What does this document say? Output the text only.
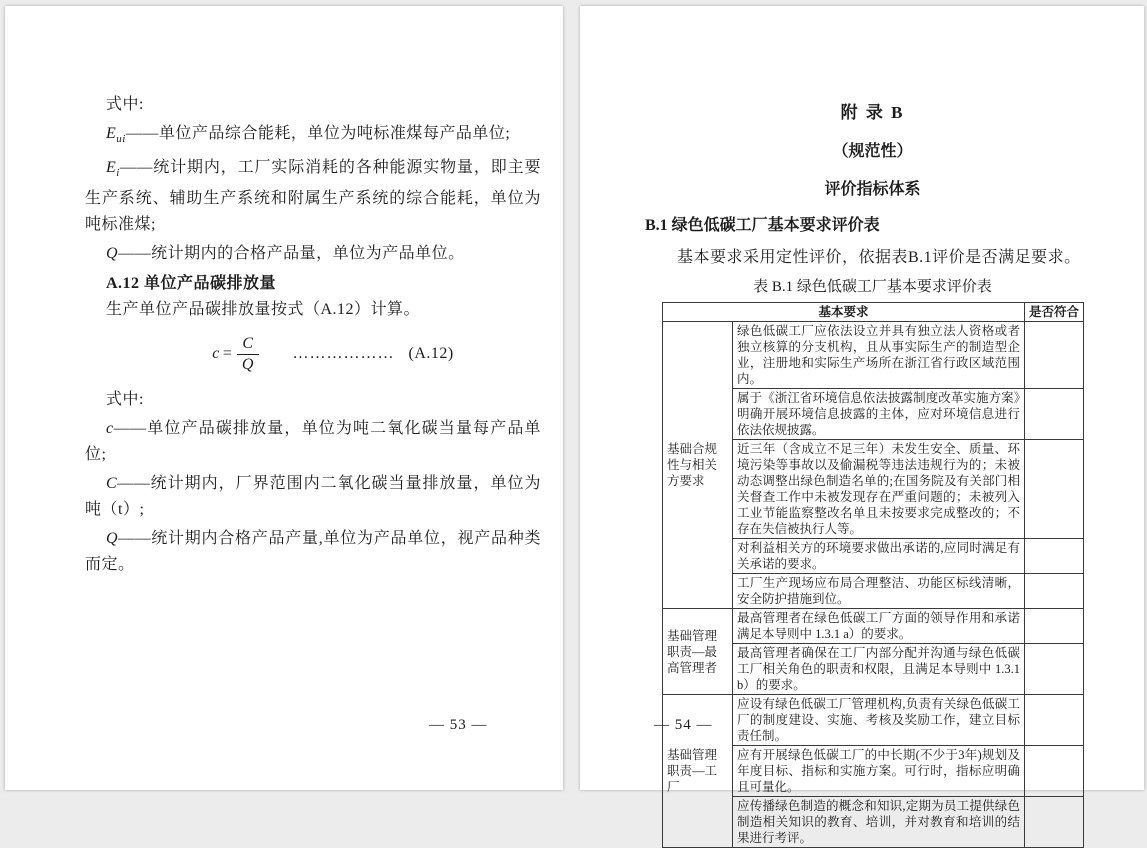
式中:

$E_{ui}——$单位产品综合能耗，单位为吨标准煤每产品单位;

$E_i——$统计期内，工厂实际消耗的各种能源实物量，即主要生产系统、辅助生产系统和附属生产系统的综合能耗，单位为吨标准煤;

Q——统计期内的合格产品量，单位为产品单位。

A.12 单位产品碳排放量

生产单位产品碳排放量按式（A.12）计算。

$c = \frac{C}{Q}$ ……………… (A.12)

式中:

c——单位产品碳排放量，单位为吨二氧化碳当量每产品单位;

C——统计期内，厂界范围内二氧化碳当量排放量，单位为吨（t）;

Q——统计期内合格产品产量,单位为产品单位，视产品种类而定。

— 53 —

附 录 B

（规范性）

评价指标体系

B.1 绿色低碳工厂基本要求评价表

基本要求采用定性评价，依据表B.1评价是否满足要求。

表 B.1 绿色低碳工厂基本要求评价表

基本要求		是否符合
基础合规性与相关方要求	绿色低碳工厂应依法设立并具有独立法人资格或者独立核算的分支机构，且从事实际生产的制造型企业，注册地和实际生产场所在浙江省行政区域范围内。	
	属于《浙江省环境信息依法披露制度改革实施方案》明确开展环境信息披露的主体，应对环境信息进行依法依规披露。	
	近三年（含成立不足三年）未发生安全、质量、环境污染等事故以及偷漏税等违法违规行为的；未被动态调整出绿色制造名单的;在国务院及有关部门相关督查工作中未被发现存在严重问题的；未被列入工业节能监察整改名单且未按要求完成整改的；不存在失信被执行人等。	
	对利益相关方的环境要求做出承诺的,应同时满足有关承诺的要求。	
	工厂生产现场应布局合理整洁、功能区标线清晰，安全防护措施到位。	
基础管理职责—最高管理者	最高管理者在绿色低碳工厂方面的领导作用和承诺满足本导则中 1.3.1 a）的要求。	
	最高管理者确保在工厂内部分配并沟通与绿色低碳工厂相关角色的职责和权限，且满足本导则中 1.3.1 b）的要求。	
基础管理职责—工厂	应设有绿色低碳工厂管理机构,负责有关绿色低碳工厂的制度建设、实施、考核及奖励工作，建立目标责任制。	
	应有开展绿色低碳工厂的中长期(不少于3年)规划及年度目标、指标和实施方案。可行时，指标应明确且可量化。	
	应传播绿色制造的概念和知识,定期为员工提供绿色制造相关知识的教育、培训，并对教育和培训的结果进行考评。	
— 54 —
